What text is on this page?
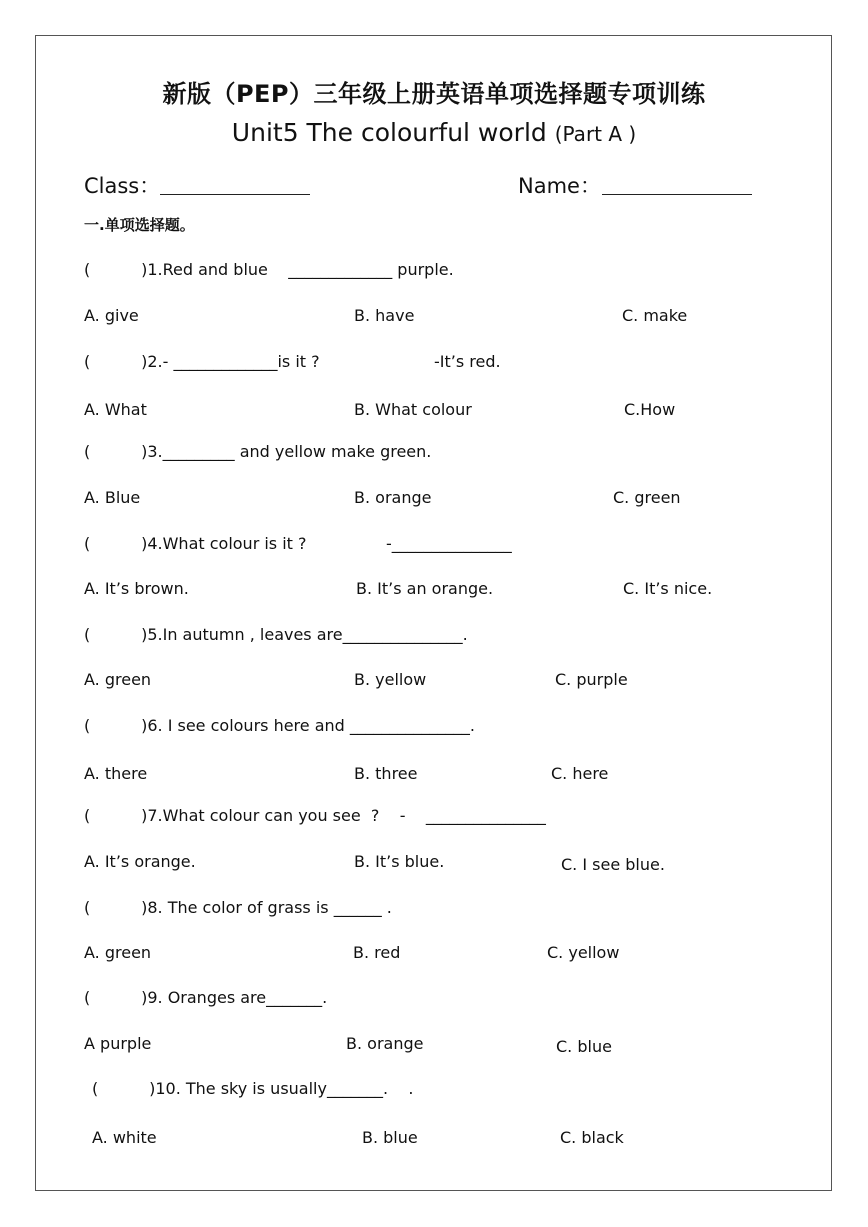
新版（PEP）三年级上册英语单项选择题专项训练
Unit5 The colourful world (Part A )
Class：	Name：
一.单项选择题。
(          )1.Red and blue    _____________ purple.
A. give	B. have	C. make
(          )2.- _____________is it ?	-It’s red.
A. What	B. What colour	C.How
(          )3._________ and yellow make green.
A. Blue	B. orange	C. green
(          )4.What colour is it ?	-_______________
A. It’s brown.	B. It’s an orange.	C. It’s nice.
(          )5.In autumn , leaves are_______________.
A. green	B. yellow	C. purple
(          )6. I see colours here and _______________.
A. there	B. three	C. here
(          )7.What colour can you see  ?    -    _______________
A. It’s orange.	B. It’s blue.	C. I see blue.
(          )8. The color of grass is ______ .
A. green	B. red	C. yellow
(          )9. Oranges are_______.
A purple	B. orange	C. blue
(          )10. The sky is usually_______.    .
A. white	B. blue	C. black
